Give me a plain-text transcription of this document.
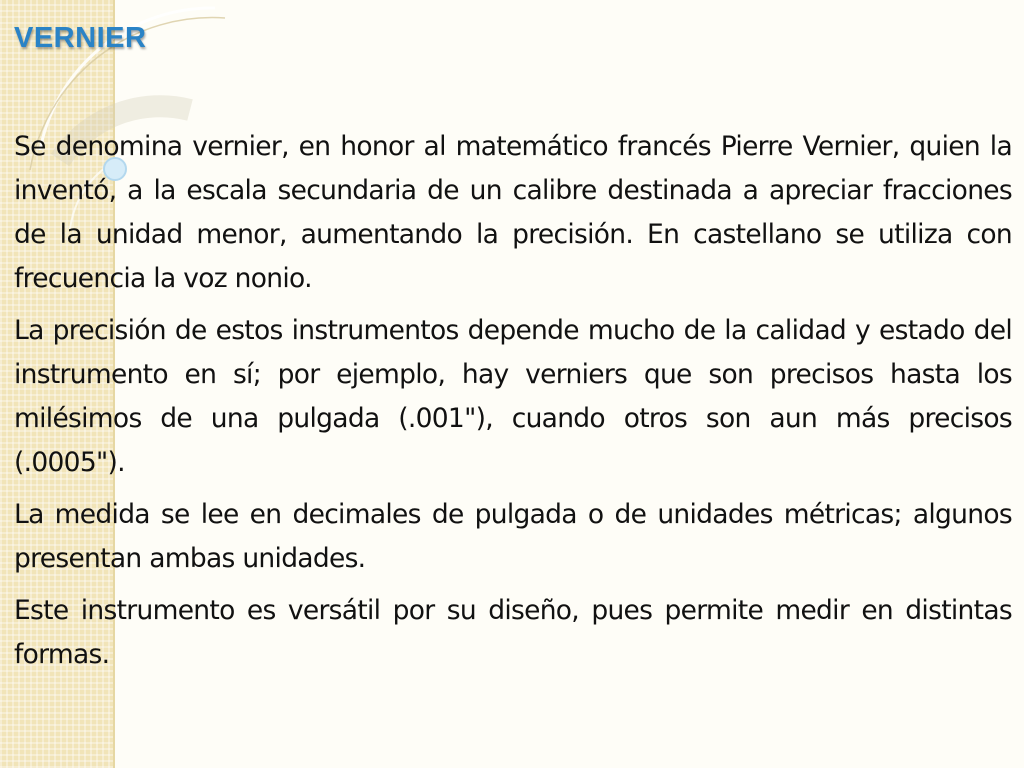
VERNIER

Se denomina vernier, en honor al matemático francés Pierre Vernier, quien la inventó, a la escala secundaria de un calibre destinada a apreciar fracciones de la unidad menor, aumentando la precisión. En castellano se utiliza con frecuencia la voz nonio.

La precisión de estos instrumentos depende mucho de la calidad y estado del instrumento en sí; por ejemplo, hay verniers que son precisos hasta los milésimos de una pulgada (.001"), cuando otros son aun más precisos (.0005").

La medida se lee en decimales de pulgada o de unidades métricas; algunos presentan ambas unidades.

Este instrumento es versátil por su diseño, pues permite medir en distintas formas.
